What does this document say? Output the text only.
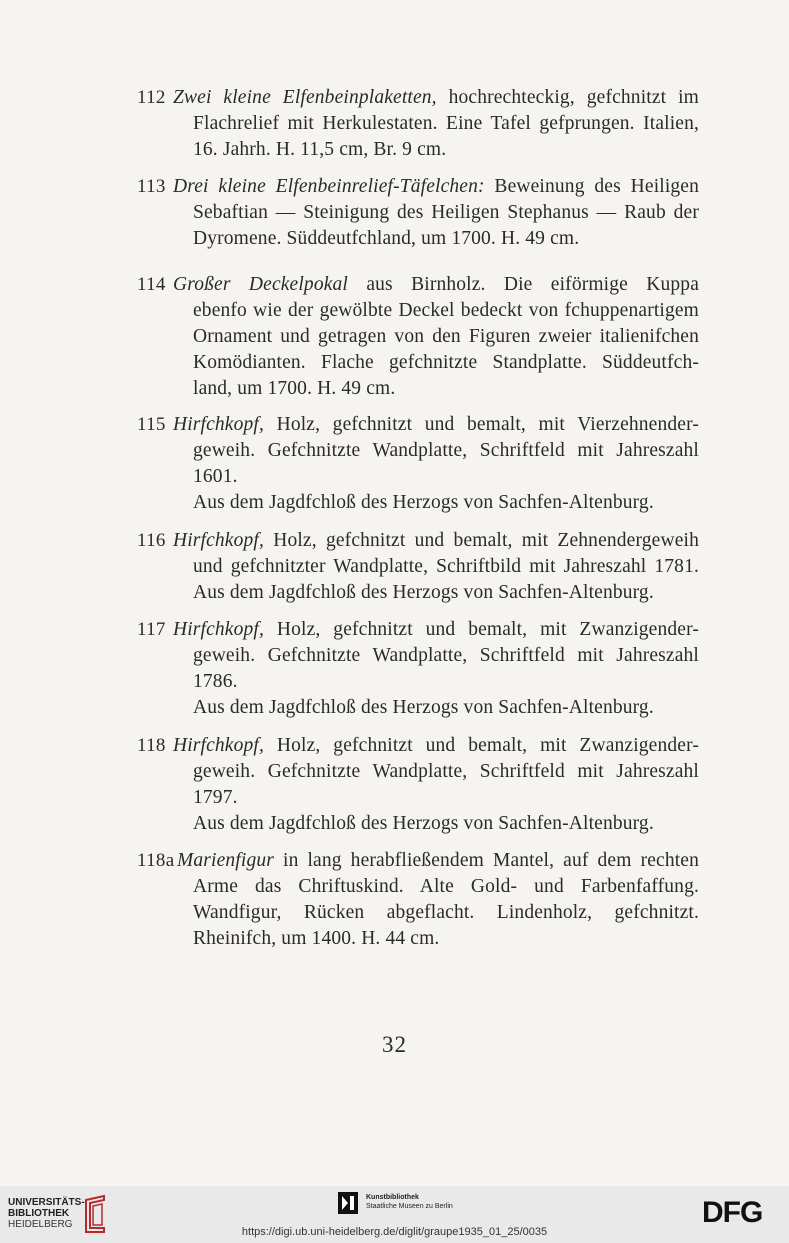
112 Zwei kleine Elfenbeinplaketten, hochrechteckig, gefchnitzt im
Flachrelief mit Herkulestaten. Eine Tafel gefprungen. Italien,
16. Jahrh. H. 11,5 cm, Br. 9 cm.
113 Drei kleine Elfenbeinrelief-Täfelchen: Beweinung des Heiligen
Sebaftian — Steinigung des Heiligen Stephanus — Raub der
Dyromene. Süddeutfchland, um 1700. H. 49 cm.
114 Großer Deckelpokal aus Birnholz. Die eiförmige Kuppa
ebenfo wie der gewölbte Deckel bedeckt von fchuppenartigem
Ornament und getragen von den Figuren zweier italienifchen
Komödianten. Flache gefchnitzte Standplatte. Süddeutfch-
land, um 1700. H. 49 cm.
115 Hirfchkopf, Holz, gefchnitzt und bemalt, mit Vierzehnender-
geweih. Gefchnitzte Wandplatte, Schriftfeld mit Jahreszahl
1601.
Aus dem Jagdfchloß des Herzogs von Sachfen-Altenburg.
116 Hirfchkopf, Holz, gefchnitzt und bemalt, mit Zehnendergeweih
und gefchnitzter Wandplatte, Schriftbild mit Jahreszahl 1781.
Aus dem Jagdfchloß des Herzogs von Sachfen-Altenburg.
117 Hirfchkopf, Holz, gefchnitzt und bemalt, mit Zwanzigender-
geweih. Gefchnitzte Wandplatte, Schriftfeld mit Jahreszahl
1786.
Aus dem Jagdfchloß des Herzogs von Sachfen-Altenburg.
118 Hirfchkopf, Holz, gefchnitzt und bemalt, mit Zwanzigender-
geweih. Gefchnitzte Wandplatte, Schriftfeld mit Jahreszahl
1797.
Aus dem Jagdfchloß des Herzogs von Sachfen-Altenburg.
118a Marienfigur in lang herabfließendem Mantel, auf dem rechten
Arme das Chriftuskind. Alte Gold- und Farbenfaffung.
Wandfigur, Rücken abgeflacht. Lindenholz, gefchnitzt.
Rheinifch, um 1400. H. 44 cm.
32
UNIVERSITÄTS-
BIBLIOTHEK
HEIDELBERG
Kunstbibliothek
Staatliche Museen zu Berlin	DFG
https://digi.ub.uni-heidelberg.de/diglit/graupe1935_01_25/0035
